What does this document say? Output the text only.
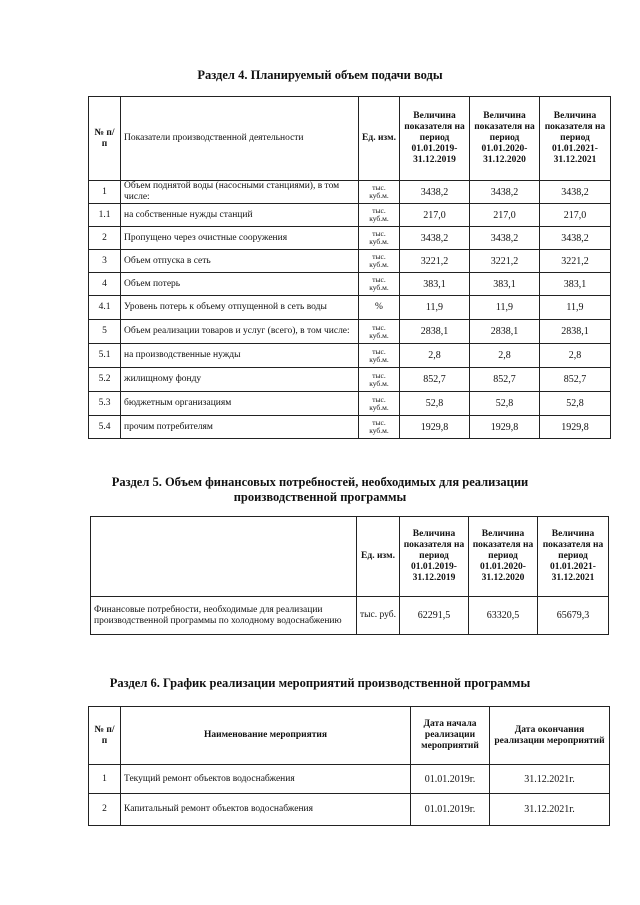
Раздел 4. Планируемый объем подачи воды
№ п/п	Показатели производственной деятельности	Ед. изм.	Величина показателя на период 01.01.2019-31.12.2019	Величина показателя на период 01.01.2020-31.12.2020	Величина показателя на период 01.01.2021-31.12.2021
1	Объем поднятой воды (насосными станциями), в том числе:	тыс. куб.м.	3438,2	3438,2	3438,2
1.1	на собственные нужды станций	тыс. куб.м.	217,0	217,0	217,0
2	Пропущено через очистные сооружения	тыс. куб.м.	3438,2	3438,2	3438,2
3	Объем отпуска в сеть	тыс. куб.м.	3221,2	3221,2	3221,2
4	Объем потерь	тыс. куб.м.	383,1	383,1	383,1
4.1	Уровень потерь к объему отпущенной в сеть воды	%	11,9	11,9	11,9
5	Объем реализации товаров и услуг (всего), в том числе:	тыс. куб.м.	2838,1	2838,1	2838,1
5.1	на производственные нужды	тыс. куб.м.	2,8	2,8	2,8
5.2	жилищному фонду	тыс. куб.м.	852,7	852,7	852,7
5.3	бюджетным организациям	тыс. куб.м.	52,8	52,8	52,8
5.4	прочим потребителям	тыс. куб.м.	1929,8	1929,8	1929,8
Раздел 5. Объем финансовых потребностей, необходимых для реализации
производственной программы
	Ед. изм.	Величина показателя на период 01.01.2019-31.12.2019	Величина показателя на период 01.01.2020-31.12.2020	Величина показателя на период 01.01.2021-31.12.2021
Финансовые потребности, необходимые для реализации производственной программы по холодному водоснабжению	тыс. руб.	62291,5	63320,5	65679,3
Раздел 6. График реализации мероприятий производственной программы
№ п/п	Наименование мероприятия	Дата начала реализации мероприятий	Дата окончания реализации мероприятий
1	Текущий ремонт объектов водоснабжения	01.01.2019г.	31.12.2021г.
2	Капитальный ремонт объектов водоснабжения	01.01.2019г.	31.12.2021г.
